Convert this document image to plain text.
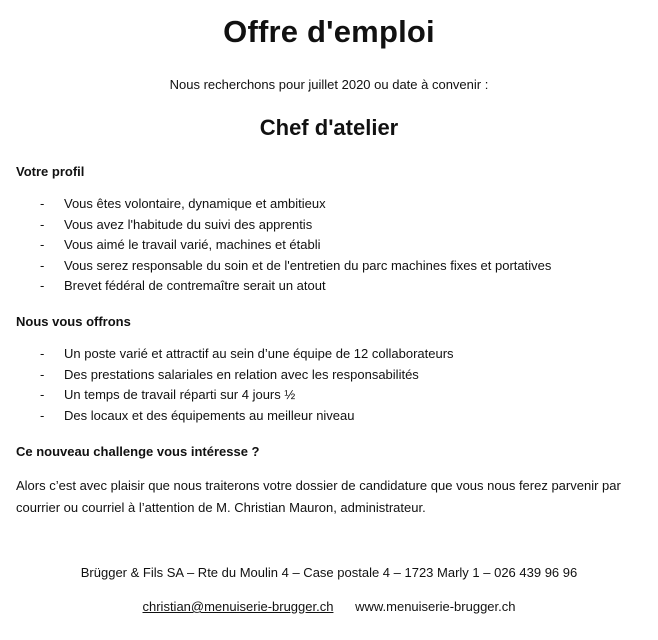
Offre d'emploi
Nous recherchons pour juillet 2020 ou date à convenir :
Chef d'atelier
Votre profil
- Vous êtes volontaire, dynamique et ambitieux
- Vous avez l'habitude du suivi des apprentis
- Vous aimé le travail varié, machines et établi
- Vous serez responsable du soin et de l'entretien du parc machines fixes et portatives
- Brevet fédéral de contremaître serait un atout
Nous vous offrons
- Un poste varié et attractif au sein d’une équipe de 12 collaborateurs
- Des prestations salariales en relation avec les responsabilités
- Un temps de travail réparti sur 4 jours ½
- Des locaux et des équipements au meilleur niveau
Ce nouveau challenge vous intéresse ?
Alors c’est avec plaisir que nous traiterons votre dossier de candidature que vous nous ferez parvenir par courrier ou courriel à l’attention de M. Christian Mauron, administrateur.
Brügger & Fils SA – Rte du Moulin 4 – Case postale 4 – 1723 Marly 1 – 026 439 96 96
christian@menuiserie-brugger.ch www.menuiserie-brugger.ch
